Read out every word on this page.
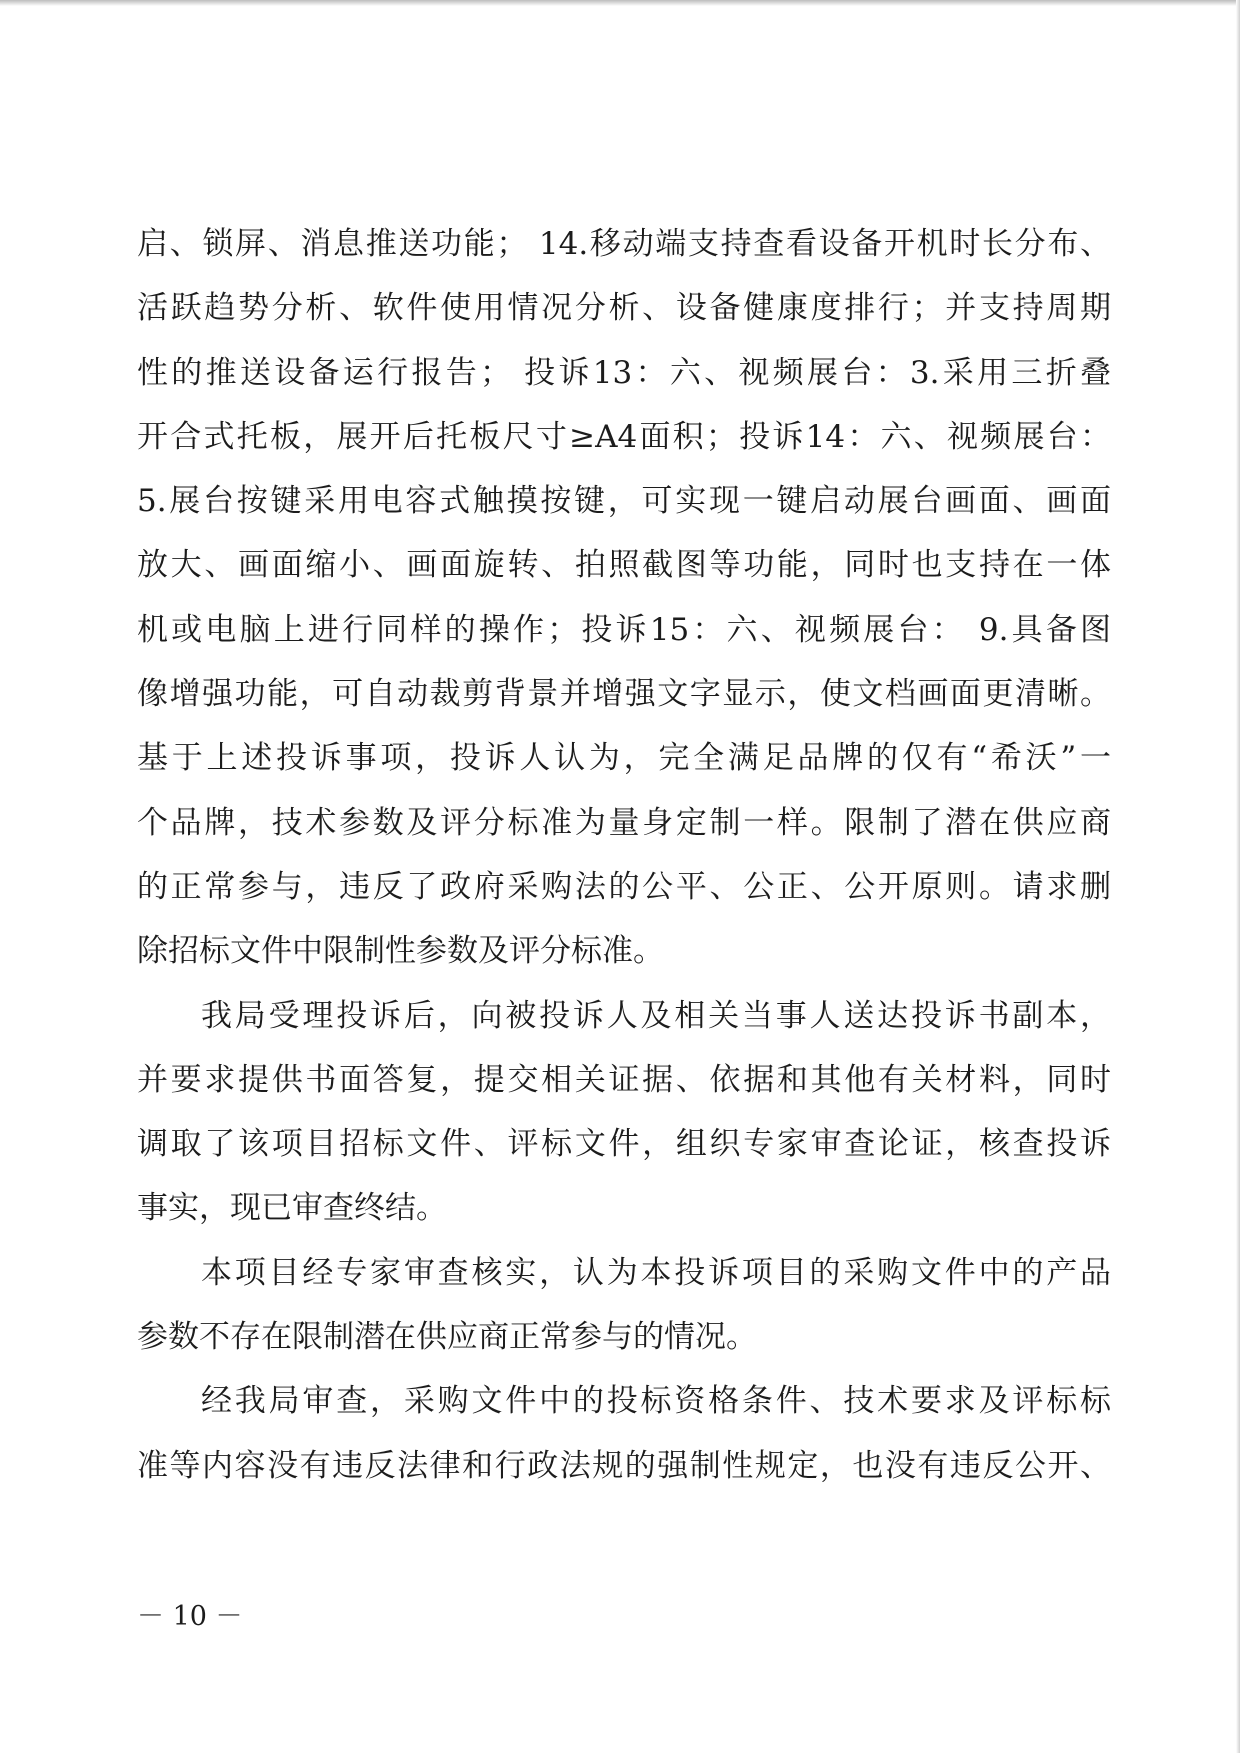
启、锁屏、消息推送功能； 14.移动端支持查看设备开机时长分布、
活跃趋势分析、软件使用情况分析、设备健康度排行；并支持周期
性的推送设备运行报告； 投诉13：六、视频展台：3.采用三折叠
开合式托板，展开后托板尺寸≥A4面积；投诉14：六、视频展台：
5.展台按键采用电容式触摸按键，可实现一键启动展台画面、画面
放大、画面缩小、画面旋转、拍照截图等功能，同时也支持在一体
机或电脑上进行同样的操作；投诉15：六、视频展台： 9.具备图
像增强功能，可自动裁剪背景并增强文字显示，使文档画面更清晰。
基于上述投诉事项，投诉人认为，完全满足品牌的仅有“希沃”一
个品牌，技术参数及评分标准为量身定制一样。限制了潜在供应商
的正常参与，违反了政府采购法的公平、公正、公开原则。请求删
除招标文件中限制性参数及评分标准。
我局受理投诉后，向被投诉人及相关当事人送达投诉书副本，
并要求提供书面答复，提交相关证据、依据和其他有关材料，同时
调取了该项目招标文件、评标文件，组织专家审查论证，核查投诉
事实，现已审查终结。
本项目经专家审查核实，认为本投诉项目的采购文件中的产品
参数不存在限制潜在供应商正常参与的情况。
经我局审查，采购文件中的投标资格条件、技术要求及评标标
准等内容没有违反法律和行政法规的强制性规定，也没有违反公开、
－ 10 －
